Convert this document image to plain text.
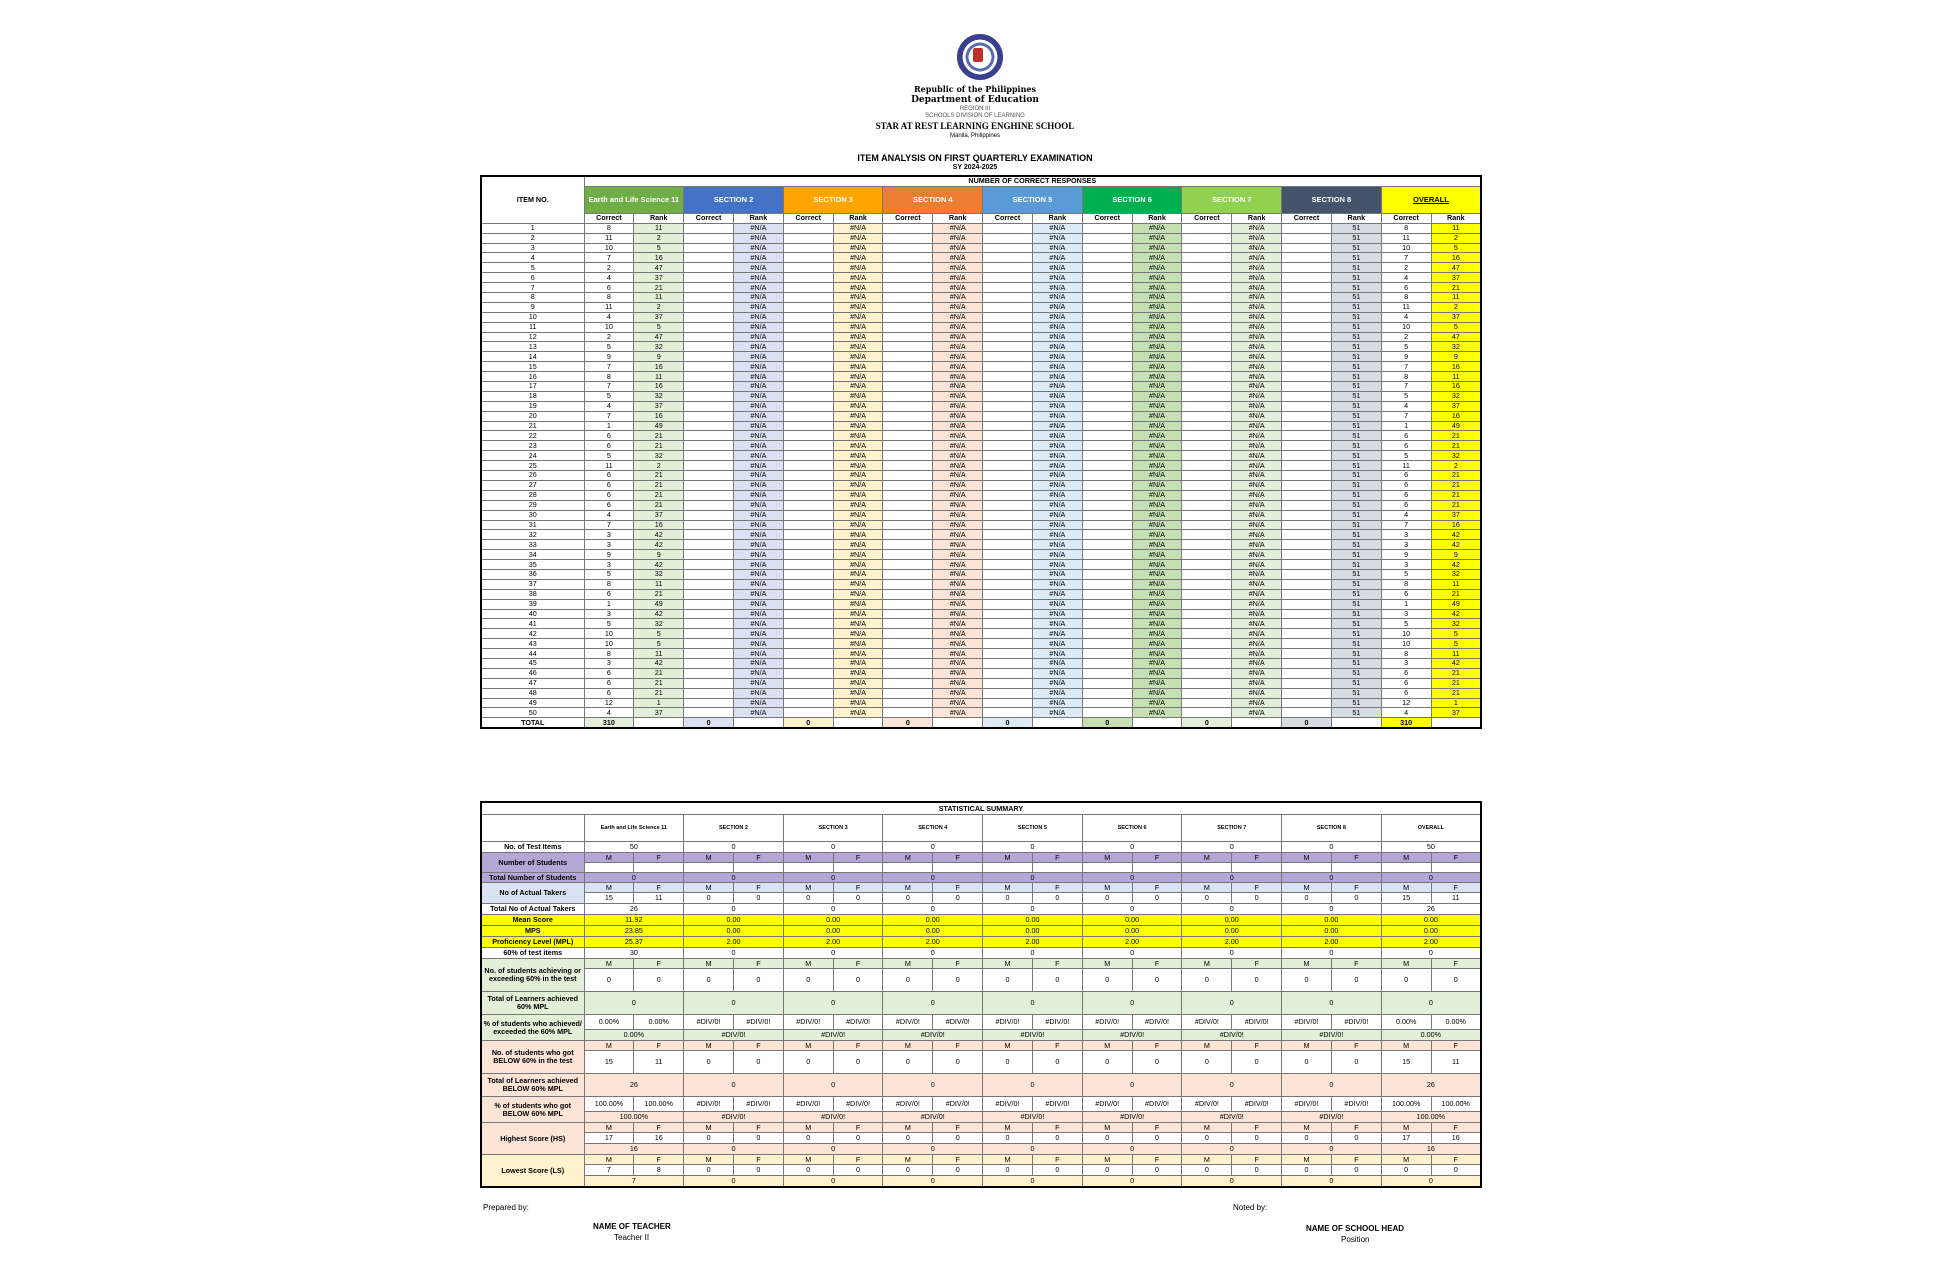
Republic of the Philippines
Department of Education
REGION III
SCHOOLS DIVISION OF LEARNING
STAR AT REST LEARNING ENGHINE SCHOOL
Manila, Philippines
ITEM ANALYSIS ON FIRST QUARTERLY EXAMINATION
SY 2024-2025
ITEM NO.	NUMBER OF CORRECT RESPONSES																	
	Earth and Life Science 11		SECTION 2		SECTION 3		SECTION 4		SECTION 5		SECTION 6		SECTION 7		SECTION 8		OVERALL	
	Correct	Rank	Correct	Rank	Correct	Rank	Correct	Rank	Correct	Rank	Correct	Rank	Correct	Rank	Correct	Rank	Correct	Rank
1	8	11		#N/A		#N/A		#N/A		#N/A		#N/A		#N/A		51	8	11
2	11	2		#N/A		#N/A		#N/A		#N/A		#N/A		#N/A		51	11	2
3	10	5		#N/A		#N/A		#N/A		#N/A		#N/A		#N/A		51	10	5
4	7	16		#N/A		#N/A		#N/A		#N/A		#N/A		#N/A		51	7	16
5	2	47		#N/A		#N/A		#N/A		#N/A		#N/A		#N/A		51	2	47
6	4	37		#N/A		#N/A		#N/A		#N/A		#N/A		#N/A		51	4	37
7	6	21		#N/A		#N/A		#N/A		#N/A		#N/A		#N/A		51	6	21
8	8	11		#N/A		#N/A		#N/A		#N/A		#N/A		#N/A		51	8	11
9	11	2		#N/A		#N/A		#N/A		#N/A		#N/A		#N/A		51	11	2
10	4	37		#N/A		#N/A		#N/A		#N/A		#N/A		#N/A		51	4	37
11	10	5		#N/A		#N/A		#N/A		#N/A		#N/A		#N/A		51	10	5
12	2	47		#N/A		#N/A		#N/A		#N/A		#N/A		#N/A		51	2	47
13	5	32		#N/A		#N/A		#N/A		#N/A		#N/A		#N/A		51	5	32
14	9	9		#N/A		#N/A		#N/A		#N/A		#N/A		#N/A		51	9	9
15	7	16		#N/A		#N/A		#N/A		#N/A		#N/A		#N/A		51	7	16
16	8	11		#N/A		#N/A		#N/A		#N/A		#N/A		#N/A		51	8	11
17	7	16		#N/A		#N/A		#N/A		#N/A		#N/A		#N/A		51	7	16
18	5	32		#N/A		#N/A		#N/A		#N/A		#N/A		#N/A		51	5	32
19	4	37		#N/A		#N/A		#N/A		#N/A		#N/A		#N/A		51	4	37
20	7	16		#N/A		#N/A		#N/A		#N/A		#N/A		#N/A		51	7	16
21	1	49		#N/A		#N/A		#N/A		#N/A		#N/A		#N/A		51	1	49
22	6	21		#N/A		#N/A		#N/A		#N/A		#N/A		#N/A		51	6	21
23	6	21		#N/A		#N/A		#N/A		#N/A		#N/A		#N/A		51	6	21
24	5	32		#N/A		#N/A		#N/A		#N/A		#N/A		#N/A		51	5	32
25	11	2		#N/A		#N/A		#N/A		#N/A		#N/A		#N/A		51	11	2
26	6	21		#N/A		#N/A		#N/A		#N/A		#N/A		#N/A		51	6	21
27	6	21		#N/A		#N/A		#N/A		#N/A		#N/A		#N/A		51	6	21
28	6	21		#N/A		#N/A		#N/A		#N/A		#N/A		#N/A		51	6	21
29	6	21		#N/A		#N/A		#N/A		#N/A		#N/A		#N/A		51	6	21
30	4	37		#N/A		#N/A		#N/A		#N/A		#N/A		#N/A		51	4	37
31	7	16		#N/A		#N/A		#N/A		#N/A		#N/A		#N/A		51	7	16
32	3	42		#N/A		#N/A		#N/A		#N/A		#N/A		#N/A		51	3	42
33	3	42		#N/A		#N/A		#N/A		#N/A		#N/A		#N/A		51	3	42
34	9	9		#N/A		#N/A		#N/A		#N/A		#N/A		#N/A		51	9	9
35	3	42		#N/A		#N/A		#N/A		#N/A		#N/A		#N/A		51	3	42
36	5	32		#N/A		#N/A		#N/A		#N/A		#N/A		#N/A		51	5	32
37	8	11		#N/A		#N/A		#N/A		#N/A		#N/A		#N/A		51	8	11
38	6	21		#N/A		#N/A		#N/A		#N/A		#N/A		#N/A		51	6	21
39	1	49		#N/A		#N/A		#N/A		#N/A		#N/A		#N/A		51	1	49
40	3	42		#N/A		#N/A		#N/A		#N/A		#N/A		#N/A		51	3	42
41	5	32		#N/A		#N/A		#N/A		#N/A		#N/A		#N/A		51	5	32
42	10	5		#N/A		#N/A		#N/A		#N/A		#N/A		#N/A		51	10	5
43	10	5		#N/A		#N/A		#N/A		#N/A		#N/A		#N/A		51	10	5
44	8	11		#N/A		#N/A		#N/A		#N/A		#N/A		#N/A		51	8	11
45	3	42		#N/A		#N/A		#N/A		#N/A		#N/A		#N/A		51	3	42
46	6	21		#N/A		#N/A		#N/A		#N/A		#N/A		#N/A		51	6	21
47	6	21		#N/A		#N/A		#N/A		#N/A		#N/A		#N/A		51	6	21
48	6	21		#N/A		#N/A		#N/A		#N/A		#N/A		#N/A		51	6	21
49	12	1		#N/A		#N/A		#N/A		#N/A		#N/A		#N/A		51	12	1
50	4	37		#N/A		#N/A		#N/A		#N/A		#N/A		#N/A		51	4	37
TOTAL	310		0		0		0		0		0		0		0		310	
STATISTICAL SUMMARY																		
	Earth and Life Science 11		SECTION 2		SECTION 3		SECTION 4		SECTION 5		SECTION 6		SECTION 7		SECTION 8		OVERALL	
No. of Test Items	50		0		0		0		0		0		0		0		50	
Number of Students	M	F	M	F	M	F	M	F	M	F	M	F	M	F	M	F	M	F

Total Number of Students	0		0		0		0		0		0		0		0		0	
No of Actual Takers	M	F	M	F	M	F	M	F	M	F	M	F	M	F	M	F	M	F
	15	11	0	0	0	0	0	0	0	0	0	0	0	0	0	0	15	11
Total No of Actual Takers	26		0		0		0		0		0		0		0		26	
Mean Score	11.92		0.00		0.00		0.00		0.00		0.00		0.00		0.00		0.00	
MPS	23.85		0.00		0.00		0.00		0.00		0.00		0.00		0.00		0.00	
Proficiency Level (MPL)	25.37		2.00		2.00		2.00		2.00		2.00		2.00		2.00		2.00	
60% of test items	30		0		0		0		0		0		0		0		0	
No. of students achieving or exceeding 60% in the test	M	F	M	F	M	F	M	F	M	F	M	F	M	F	M	F	M	F
	0	0	0	0	0	0	0	0	0	0	0	0	0	0	0	0	0	0
Total of Learners achieved 60% MPL	0		0		0		0		0		0		0		0		0	
% of students who achieved/ exceeded the 60% MPL	0.00%	0.00%	#DIV/0!	#DIV/0!	#DIV/0!	#DIV/0!	#DIV/0!	#DIV/0!	#DIV/0!	#DIV/0!	#DIV/0!	#DIV/0!	#DIV/0!	#DIV/0!	#DIV/0!	#DIV/0!	0.00%	0.00%
	0.00%		#DIV/0!		#DIV/0!		#DIV/0!		#DIV/0!		#DIV/0!		#DIV/0!		#DIV/0!		0.00%	
No. of students who got BELOW 60% in the test	M	F	M	F	M	F	M	F	M	F	M	F	M	F	M	F	M	F
	15	11	0	0	0	0	0	0	0	0	0	0	0	0	0	0	15	11
Total of Learners achieved BELOW 60% MPL	26		0		0		0		0		0		0		0		26	
% of students who got BELOW 60% MPL	100.00%	100.00%	#DIV/0!	#DIV/0!	#DIV/0!	#DIV/0!	#DIV/0!	#DIV/0!	#DIV/0!	#DIV/0!	#DIV/0!	#DIV/0!	#DIV/0!	#DIV/0!	#DIV/0!	#DIV/0!	100.00%	100.00%
	100.00%		#DIV/0!		#DIV/0!		#DIV/0!		#DIV/0!		#DIV/0!		#DIV/0!		#DIV/0!		100.00%	
Highest Score (HS)	M	F	M	F	M	F	M	F	M	F	M	F	M	F	M	F	M	F
	17	16	0	0	0	0	0	0	0	0	0	0	0	0	0	0	17	16
	16		0		0		0		0		0		0		0		16	
Lowest Score (LS)	M	F	M	F	M	F	M	F	M	F	M	F	M	F	M	F	M	F
	7	8	0	0	0	0	0	0	0	0	0	0	0	0	0	0	0	0
	7		0		0		0		0		0		0		0		0	
Prepared by:
NAME OF TEACHER
Teacher II
Noted by:
NAME OF SCHOOL HEAD
Position
